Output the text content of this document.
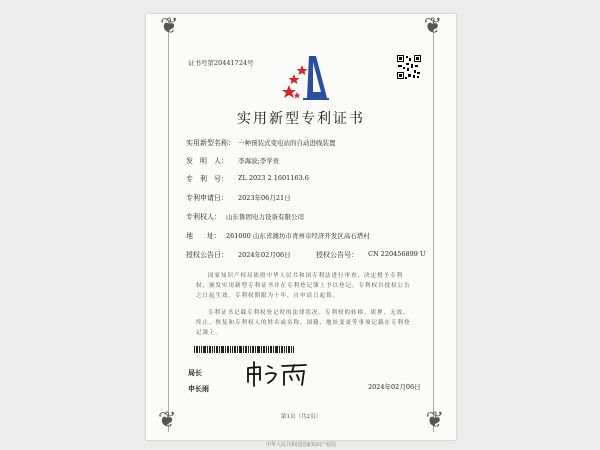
❦	❦
❦	❦
证书号第20441724号
实用新型专利证书
实用新型名称： 一种预装式变电站的自动进线装置
发　明　人： 李海波;李学贵
专　利　号： ZL 2023 2 1601163.6
专利申请日： 2023年06月21日
专利权人： 山东鲁固电力设备有限公司
地　　址： 261000 山东省潍坊市青州市经济开发区高石塔村
授权公告日： 2024年02月06日	授权公告号： CN 220456899 U
国家知识产权局依照中华人民共和国专利法进行审查，决定授予专利权，颁发实用新型专利证书并在专利登记簿上予以登记。专利权自授权公告之日起生效。专利权期限为十年，自申请日起算。
专利证书记载专利权登记时的法律状况。专利权的转移、质押、无效、终止、恢复和专利权人的姓名或名称、国籍、地址变更等事项记载在专利登记簿上。
局长
申长雨	2024年02月06日
第1页（共2页）
中华人民共和国国家知识产权局
